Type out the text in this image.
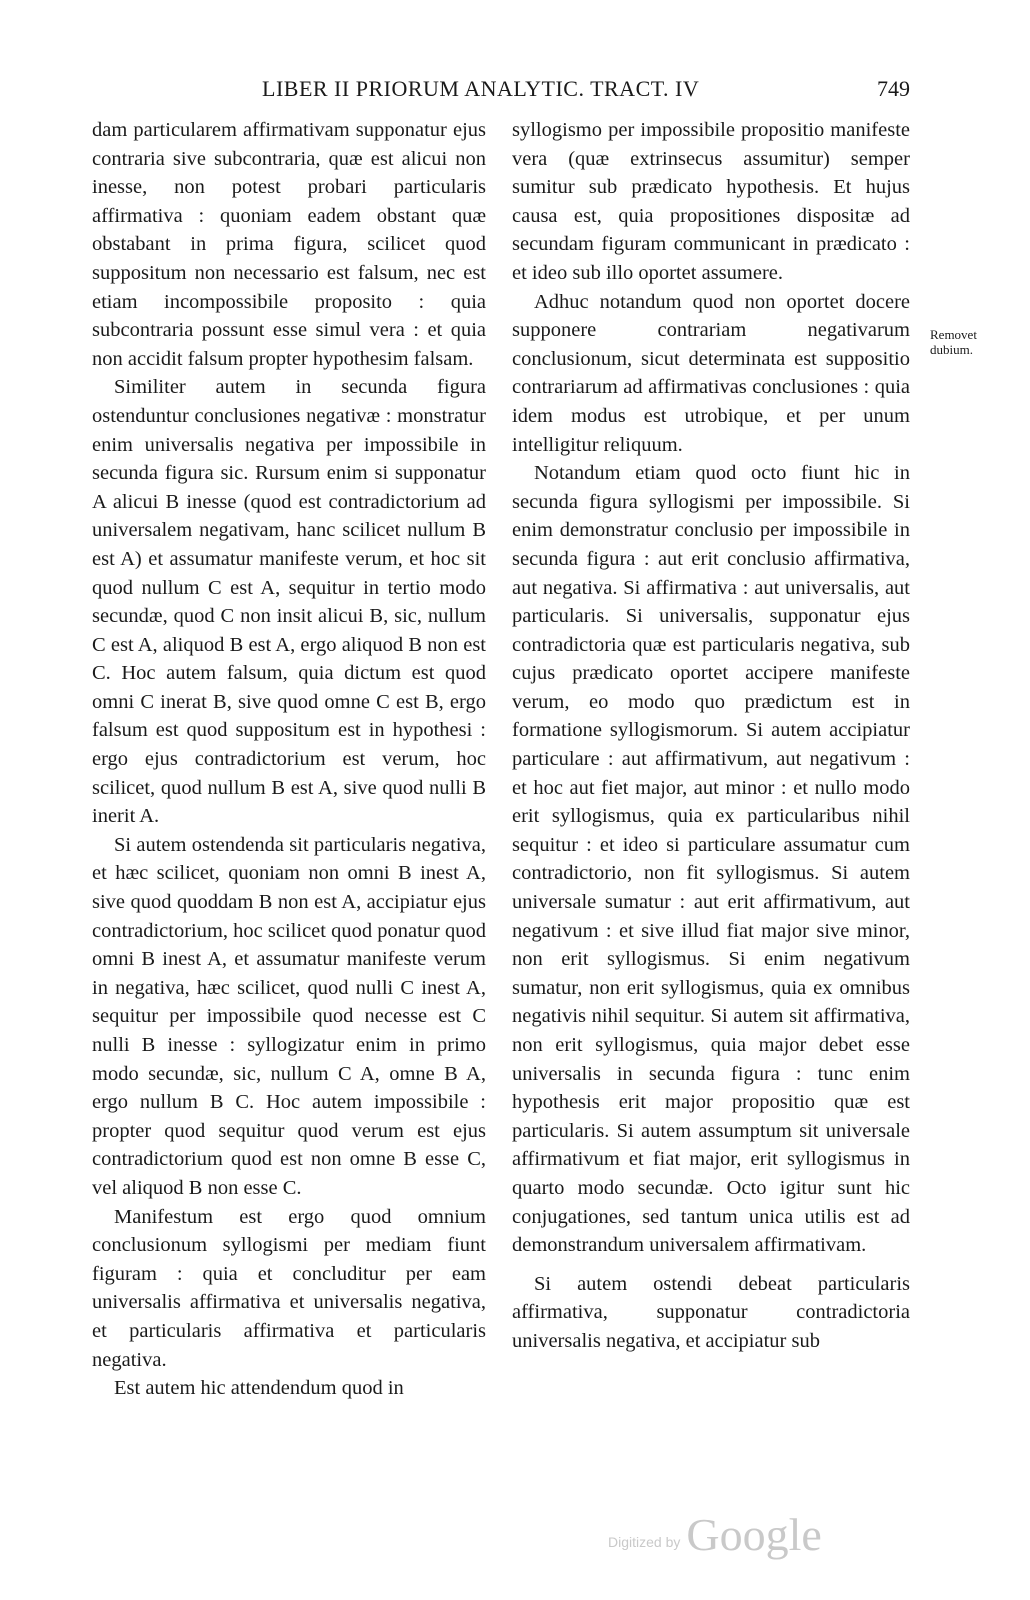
LIBER II PRIORUM ANALYTIC. TRACT. IV	749

dam particularem affirmativam supponatur ejus contraria sive subcontraria, quæ est alicui non inesse, non potest probari particularis affirmativa : quoniam eadem obstant quæ obstabant in prima figura, scilicet quod suppositum non necessario est falsum, nec est etiam incompossibile proposito : quia subcontraria possunt esse simul vera : et quia non accidit falsum propter hypothesim falsam.

Similiter autem in secunda figura ostenduntur conclusiones negativæ : monstratur enim universalis negativa per impossibile in secunda figura sic. Rursum enim si supponatur A alicui B inesse (quod est contradictorium ad universalem negativam, hanc scilicet nullum B est A) et assumatur manifeste verum, et hoc sit quod nullum C est A, sequitur in tertio modo secundæ, quod C non insit alicui B, sic, nullum C est A, aliquod B est A, ergo aliquod B non est C. Hoc autem falsum, quia dictum est quod omni C inerat B, sive quod omne C est B, ergo falsum est quod suppositum est in hypothesi : ergo ejus contradictorium est verum, hoc scilicet, quod nullum B est A, sive quod nulli B inerit A.

Si autem ostendenda sit particularis negativa, et hæc scilicet, quoniam non omni B inest A, sive quod quoddam B non est A, accipiatur ejus contradictorium, hoc scilicet quod ponatur quod omni B inest A, et assumatur manifeste verum in negativa, hæc scilicet, quod nulli C inest A, sequitur per impossibile quod necesse est C nulli B inesse : syllogizatur enim in primo modo secundæ, sic, nullum C A, omne B A, ergo nullum B C. Hoc autem impossibile : propter quod sequitur quod verum est ejus contradictorium quod est non omne B esse C, vel aliquod B non esse C.

Manifestum est ergo quod omnium conclusionum syllogismi per mediam fiunt figuram : quia et concluditur per eam universalis affirmativa et universalis negativa, et particularis affirmativa et particularis negativa.

Est autem hic attendendum quod in

syllogismo per impossibile propositio manifeste vera (quæ extrinsecus assumitur) semper sumitur sub prædicato hypothesis. Et hujus causa est, quia propositiones dispositæ ad secundam figuram communicant in prædicato : et ideo sub illo oportet assumere.

Adhuc notandum quod non oportet docere supponere contrariam negativarum conclusionum, sicut determinata est suppositio contrariarum ad affirmativas conclusiones : quia idem modus est utrobique, et per unum intelligitur reliquum.

Notandum etiam quod octo fiunt hic in secunda figura syllogismi per impossibile. Si enim demonstratur conclusio per impossibile in secunda figura : aut erit conclusio affirmativa, aut negativa. Si affirmativa : aut universalis, aut particularis. Si universalis, supponatur ejus contradictoria quæ est particularis negativa, sub cujus prædicato oportet accipere manifeste verum, eo modo quo prædictum est in formatione syllogismorum. Si autem accipiatur particulare : aut affirmativum, aut negativum : et hoc aut fiet major, aut minor : et nullo modo erit syllogismus, quia ex particularibus nihil sequitur : et ideo si particulare assumatur cum contradictorio, non fit syllogismus. Si autem universale sumatur : aut erit affirmativum, aut negativum : et sive illud fiat major sive minor, non erit syllogismus. Si enim negativum sumatur, non erit syllogismus, quia ex omnibus negativis nihil sequitur. Si autem sit affirmativa, non erit syllogismus, quia major debet esse universalis in secunda figura : tunc enim hypothesis erit major propositio quæ est particularis. Si autem assumptum sit universale affirmativum et fiat major, erit syllogismus in quarto modo secundæ. Octo igitur sunt hic conjugationes, sed tantum unica utilis est ad demonstrandum universalem affirmativam.

Si autem ostendi debeat particularis affirmativa, supponatur contradictoria universalis negativa, et accipiatur sub

Removet dubium.
Digitized by Google
